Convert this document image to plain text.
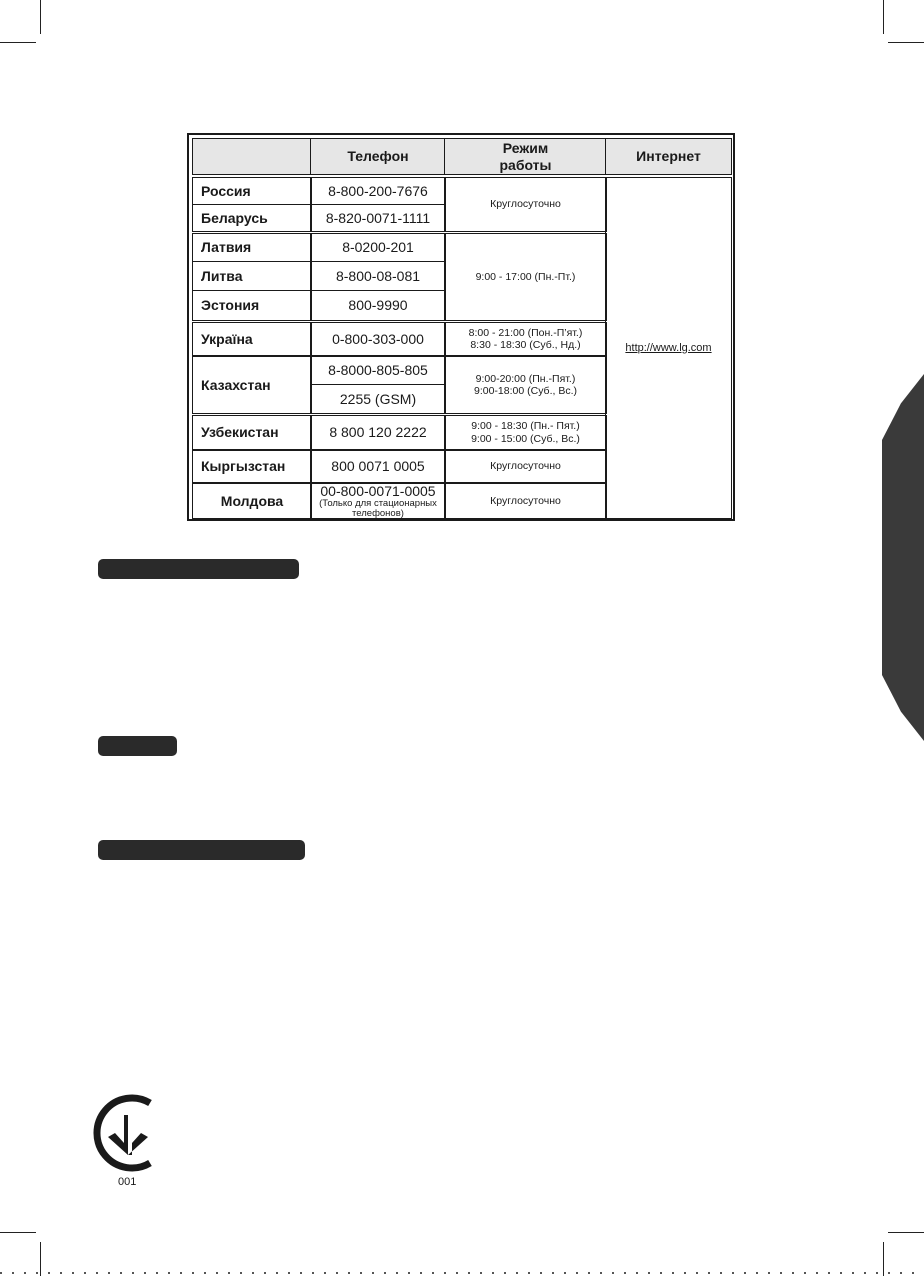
Телефон
Режим
работы
Интернет
Россия
Беларусь
Латвия
Литва
Эстония
Україна
Казахстан
Узбекистан
Кыргызстан
Молдова
8-800-200-7676
8-820-0071-1111
8-0200-201
8-800-08-081
800-9990
0-800-303-000
8-8000-805-805
2255 (GSM)
8 800 120 2222
800 0071 0005
00-800-0071-0005
(Только для стационарных
телефонов)
Круглосуточно
9:00 - 17:00 (Пн.-Пт.)
8:00 - 21:00 (Пон.-П’ят.)
8:30 - 18:30 (Суб., Нд.)
9:00-20:00 (Пн.-Пят.)
9:00-18:00 (Суб., Вс.)
9:00 - 18:30 (Пн.- Пят.)
9:00 - 15:00 (Суб., Вс.)
Круглосуточно
Круглосуточно
http://www.lg.com
001
